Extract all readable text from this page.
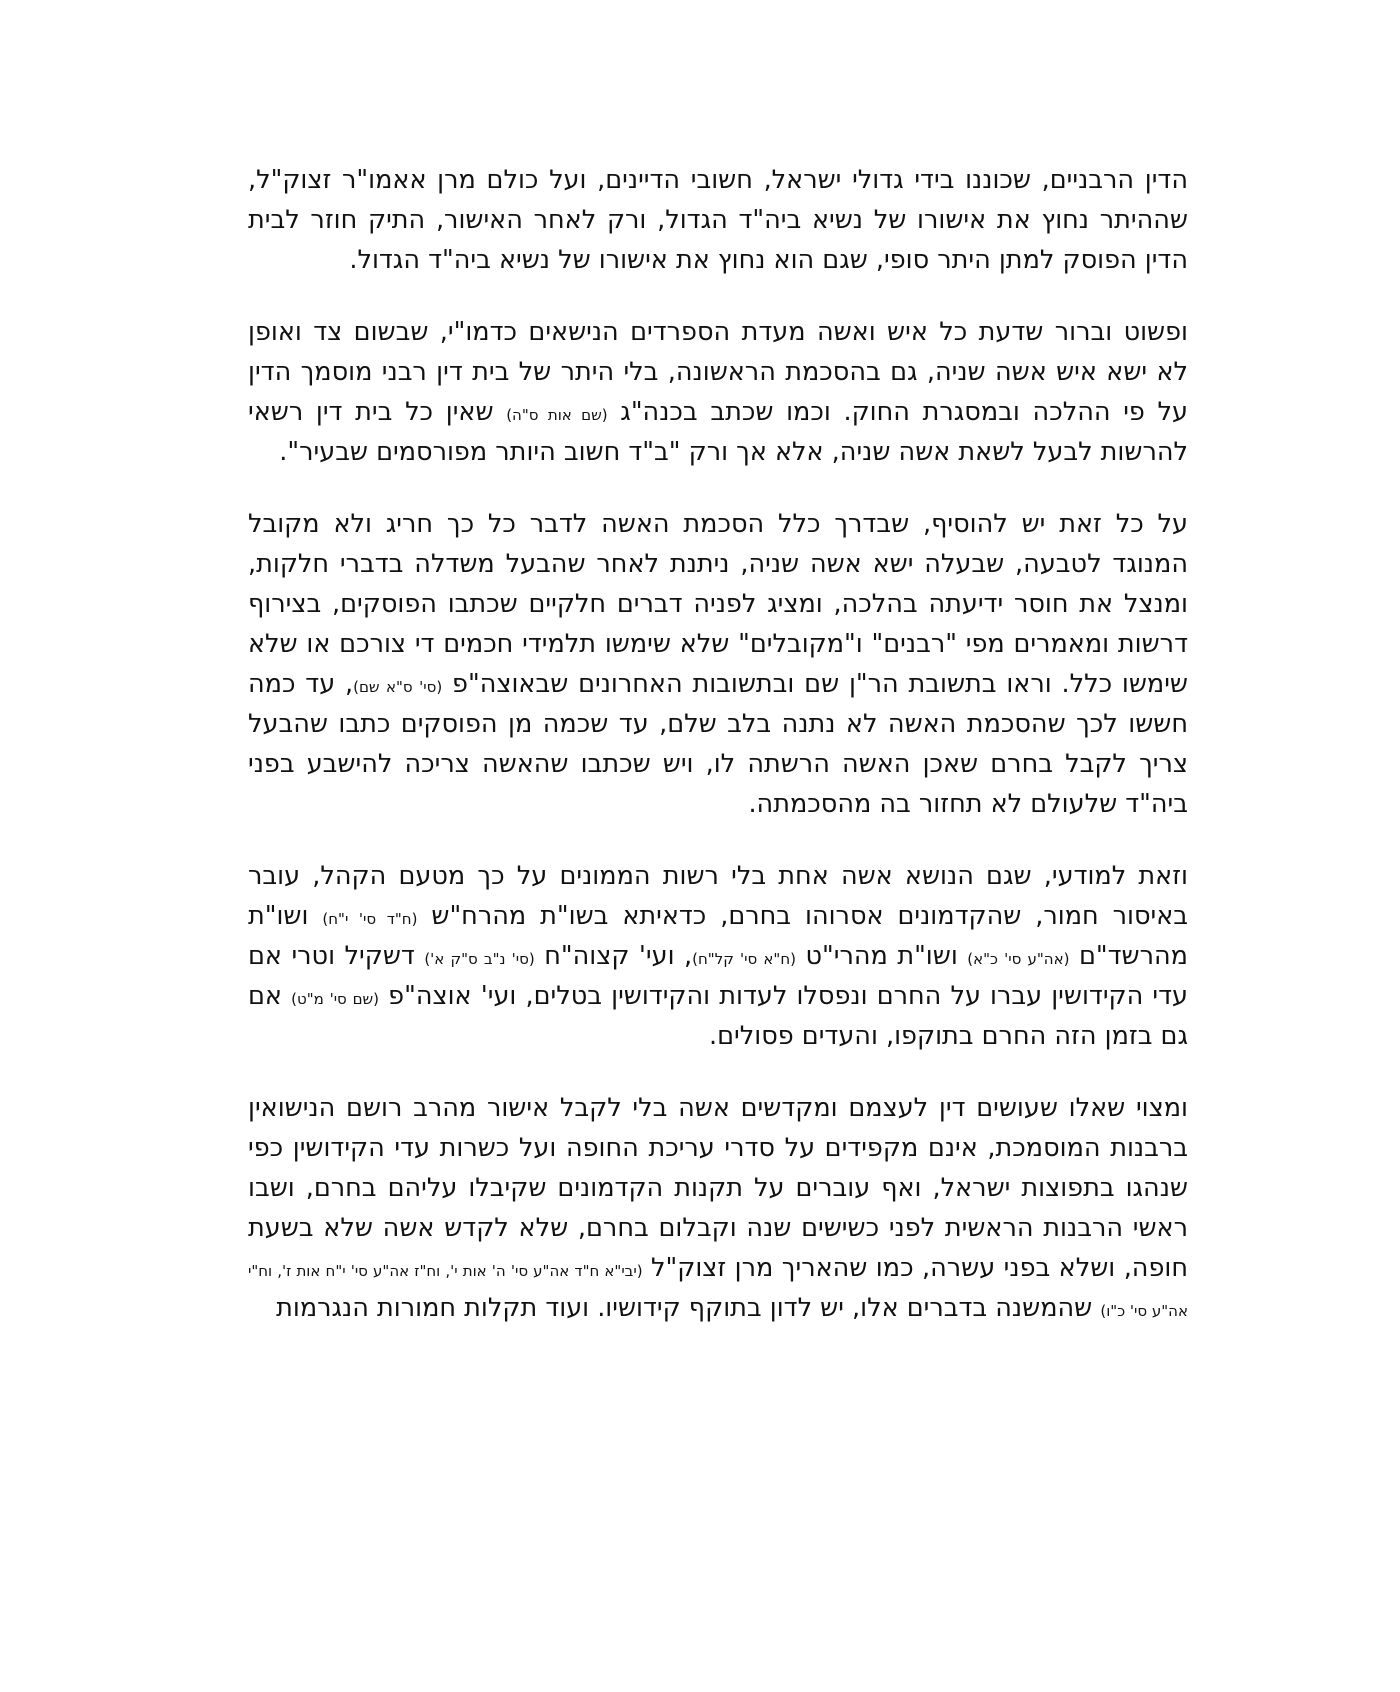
הדין הרבניים, שכוננו בידי גדולי ישראל, חשובי הדיינים, ועל כולם מרן אאמו"ר זצוק"ל, שההיתר נחוץ את אישורו של נשיא ביה"ד הגדול, ורק לאחר האישור, התיק חוזר לבית הדין הפוסק למתן היתר סופי, שגם הוא נחוץ את אישורו של נשיא ביה"ד הגדול.

ופשוט וברור שדעת כל איש ואשה מעדת הספרדים הנישאים כדמו"י, שבשום צד ואופן לא ישא איש אשה שניה, גם בהסכמת הראשונה, בלי היתר של בית דין רבני מוסמך הדין על פי ההלכה ובמסגרת החוק. וכמו שכתב בכנה"ג (שם אות ס"ה) שאין כל בית דין רשאי להרשות לבעל לשאת אשה שניה, אלא אך ורק "ב"ד חשוב היותר מפורסמים שבעיר".

על כל זאת יש להוסיף, שבדרך כלל הסכמת האשה לדבר כל כך חריג ולא מקובל המנוגד לטבעה, שבעלה ישא אשה שניה, ניתנת לאחר שהבעל משדלה בדברי חלקות, ומנצל את חוסר ידיעתה בהלכה, ומציג לפניה דברים חלקיים שכתבו הפוסקים, בצירוף דרשות ומאמרים מפי "רבנים" ו"מקובלים" שלא שימשו תלמידי חכמים די צורכם או שלא שימשו כלל. וראו בתשובת הר"ן שם ובתשובות האחרונים שבאוצה"פ (סי' ס"א שם), עד כמה חששו לכך שהסכמת האשה לא נתנה בלב שלם, עד שכמה מן הפוסקים כתבו שהבעל צריך לקבל בחרם שאכן האשה הרשתה לו, ויש שכתבו שהאשה צריכה להישבע בפני ביה"ד שלעולם לא תחזור בה מהסכמתה.

וזאת למודעי, שגם הנושא אשה אחת בלי רשות הממונים על כך מטעם הקהל, עובר באיסור חמור, שהקדמונים אסרוהו בחרם, כדאיתא בשו"ת מהרח"ש (ח"ד סי' י"ח) ושו"ת מהרשד"ם (אה"ע סי' כ"א) ושו"ת מהרי"ט (ח"א סי' קל"ח), ועי' קצוה"ח (סי' נ"ב ס"ק א') דשקיל וטרי אם עדי הקידושין עברו על החרם ונפסלו לעדות והקידושין בטלים, ועי' אוצה"פ (שם סי' מ"ט) אם גם בזמן הזה החרם בתוקפו, והעדים פסולים.

ומצוי שאלו שעושים דין לעצמם ומקדשים אשה בלי לקבל אישור מהרב רושם הנישואין ברבנות המוסמכת, אינם מקפידים על סדרי עריכת החופה ועל כשרות עדי הקידושין כפי שנהגו בתפוצות ישראל, ואף עוברים על תקנות הקדמונים שקיבלו עליהם בחרם, ושבו ראשי הרבנות הראשית לפני כשישים שנה וקבלום בחרם, שלא לקדש אשה שלא בשעת חופה, ושלא בפני עשרה, כמו שהאריך מרן זצוק"ל (יבי"א ח"ד אה"ע סי' ה' אות י', וח"ז אה"ע סי' י"ח אות ז', וח"י אה"ע סי' כ"ו) שהמשנה בדברים אלו, יש לדון בתוקף קידושיו. ועוד תקלות חמורות הנגרמות
